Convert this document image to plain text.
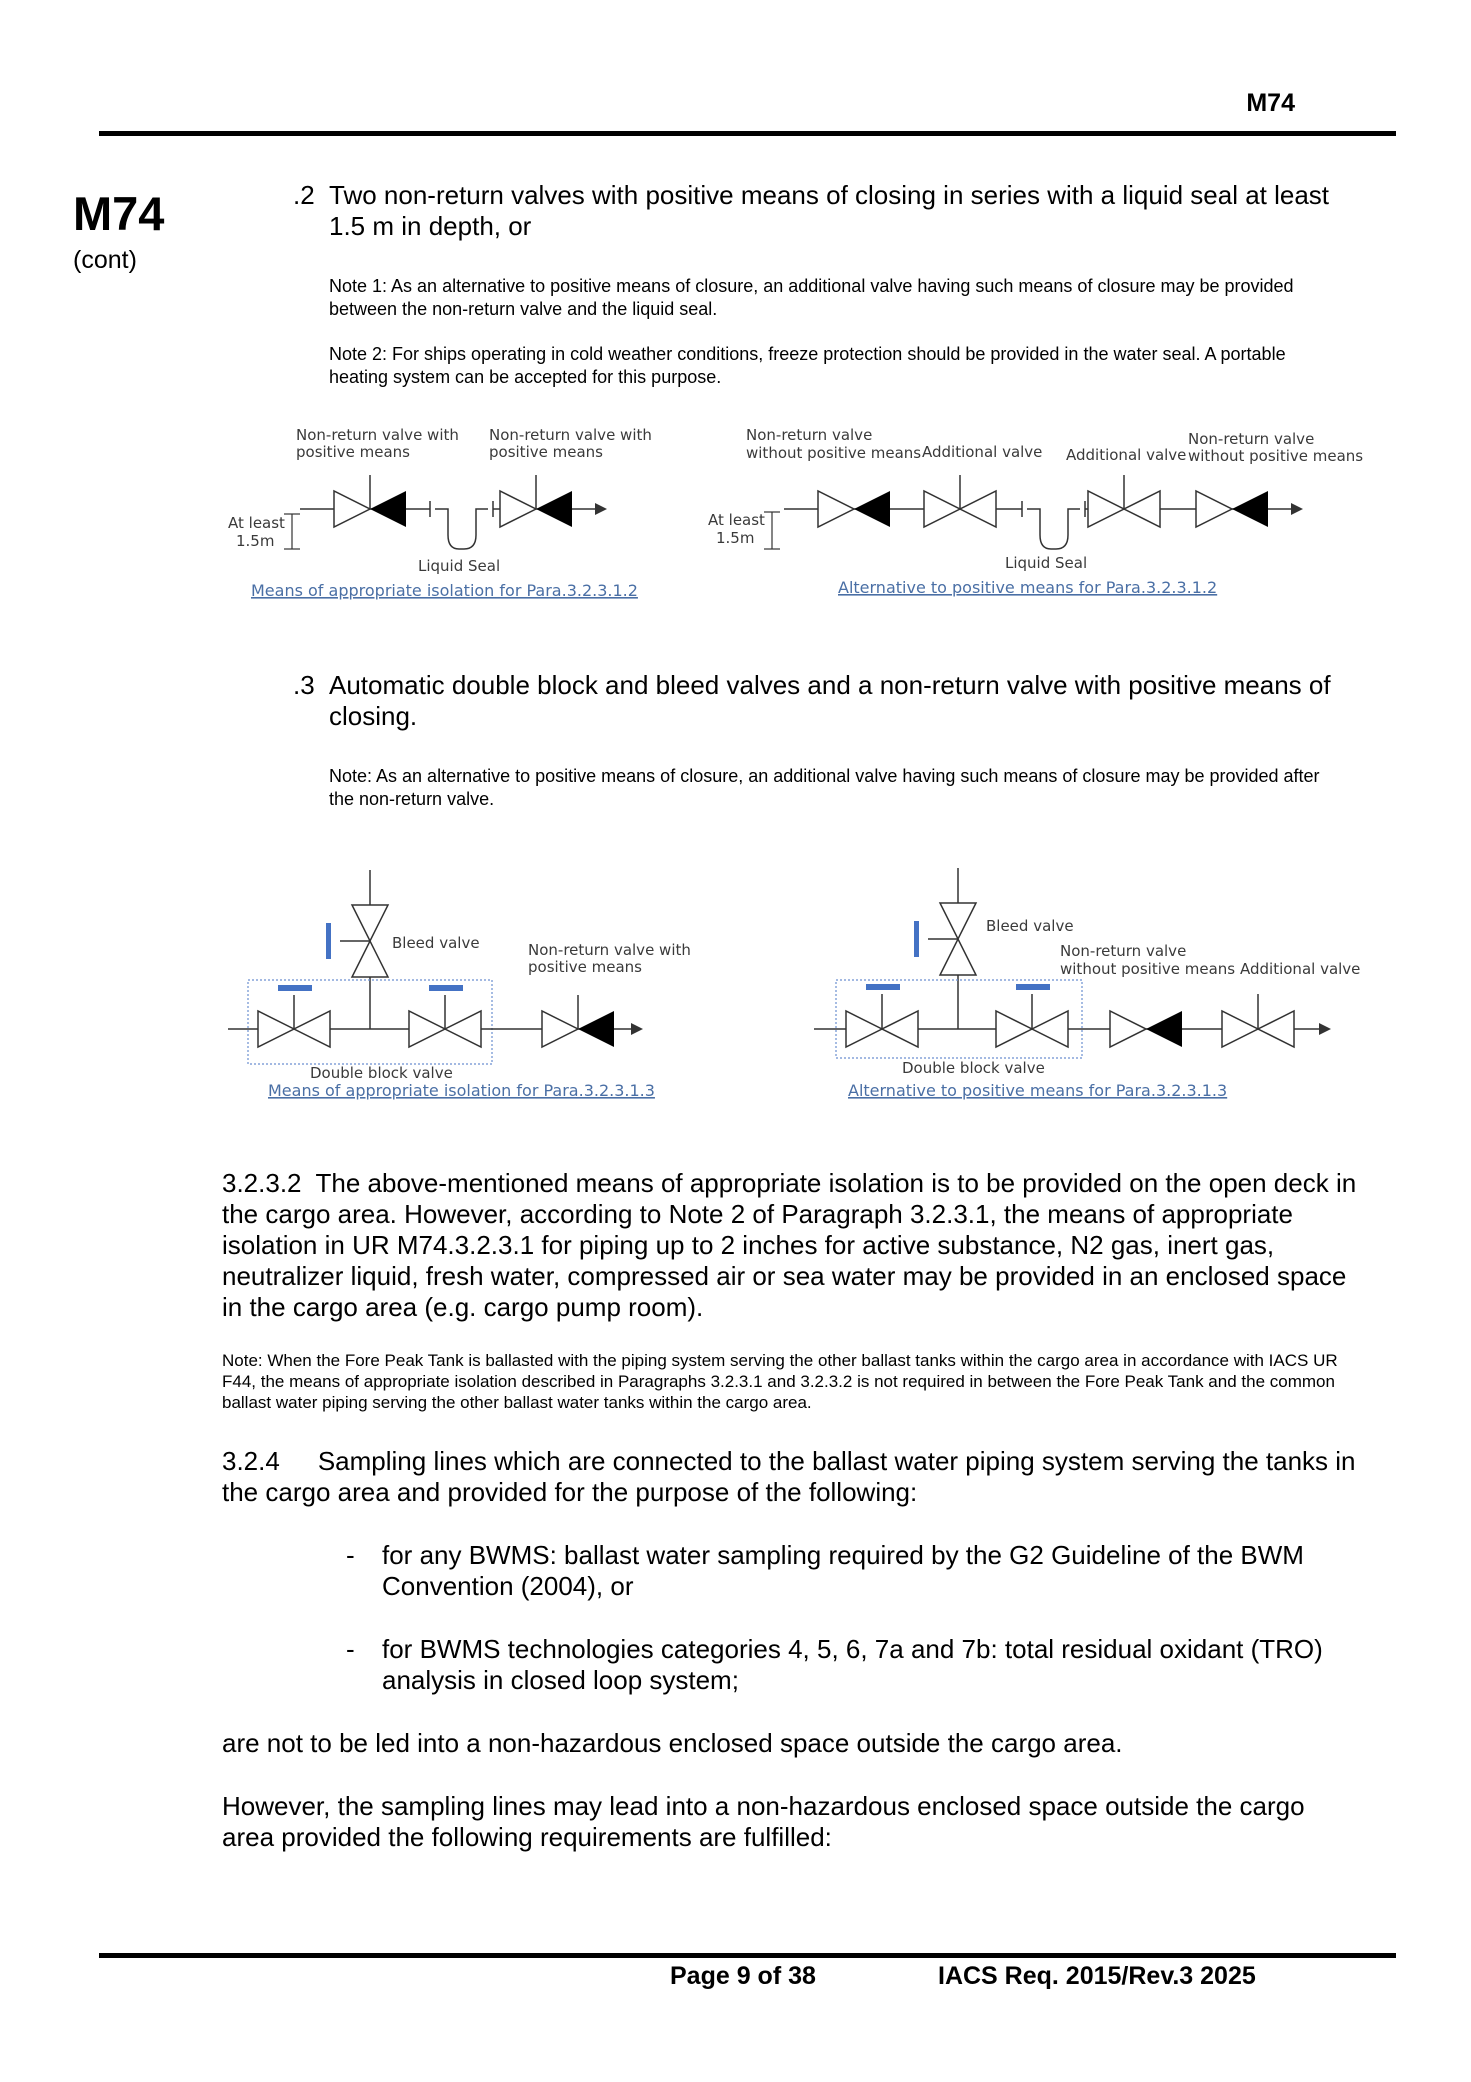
M74
M74
(cont)
.2 Two non-return valves with positive means of closing in series with a liquid seal at least 1.5 m in depth, or
Note 1: As an alternative to positive means of closure, an additional valve having such means of closure may be provided between the non-return valve and the liquid seal.
Note 2: For ships operating in cold weather conditions, freeze protection should be provided in the water seal. A portable heating system can be accepted for this purpose.
Non-return valve with
positive means
Non-return valve with
positive means
At least
1.5m
Liquid Seal
Means of appropriate isolation for Para.3.2.3.1.2
Non-return valve
without positive means Additional valve Additional valve
Non-return valve
without positive means
At least
1.5m
Liquid Seal
Alternative to positive means for Para.3.2.3.1.2
.3 Automatic double block and bleed valves and a non-return valve with positive means of closing.
Note: As an alternative to positive means of closure, an additional valve having such means of closure may be provided after the non-return valve.
Bleed valve	Non-return valve with
positive means
Double block valve
Means of appropriate isolation for Para.3.2.3.1.3
Bleed valve
Non-return valve
without positive means Additional valve
Double block valve
Alternative to positive means for Para.3.2.3.1.3
3.2.3.2 The above-mentioned means of appropriate isolation is to be provided on the open deck in the cargo area. However, according to Note 2 of Paragraph 3.2.3.1, the means of appropriate isolation in UR M74.3.2.3.1 for piping up to 2 inches for active substance, N2 gas, inert gas, neutralizer liquid, fresh water, compressed air or sea water may be provided in an enclosed space in the cargo area (e.g. cargo pump room).
Note: When the Fore Peak Tank is ballasted with the piping system serving the other ballast tanks within the cargo area in accordance with IACS UR F44, the means of appropriate isolation described in Paragraphs 3.2.3.1 and 3.2.3.2 is not required in between the Fore Peak Tank and the common ballast water piping serving the other ballast water tanks within the cargo area.
3.2.4 Sampling lines which are connected to the ballast water piping system serving the tanks in the cargo area and provided for the purpose of the following:
-	for any BWMS: ballast water sampling required by the G2 Guideline of the BWM Convention (2004), or
-	for BWMS technologies categories 4, 5, 6, 7a and 7b: total residual oxidant (TRO) analysis in closed loop system;
are not to be led into a non-hazardous enclosed space outside the cargo area.
However, the sampling lines may lead into a non-hazardous enclosed space outside the cargo area provided the following requirements are fulfilled:
Page 9 of 38	IACS Req. 2015/Rev.3 2025
